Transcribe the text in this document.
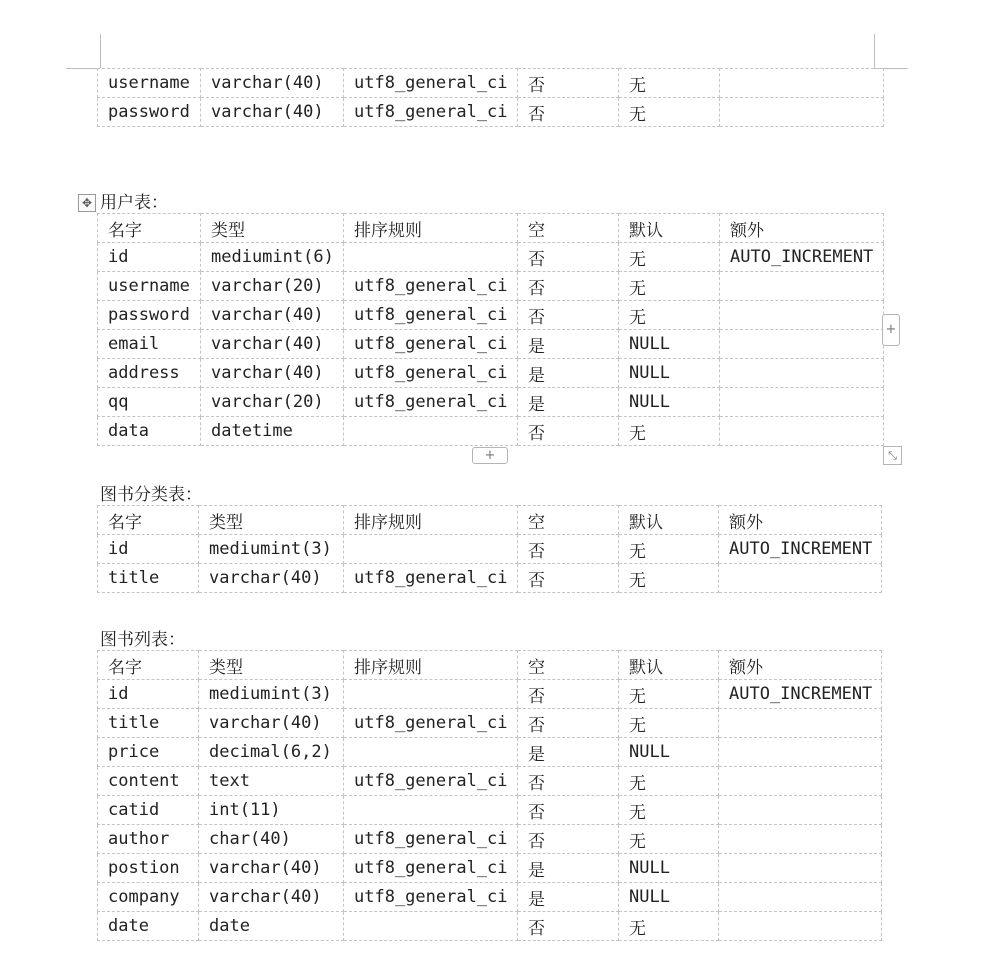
username	varchar(40)	utf8_general_ci	否	无	
password	varchar(40)	utf8_general_ci	否	无	
✥ 用户表：
名字	类型	排序规则	空	默认	额外
id	mediumint(6)		否	无	AUTO_INCREMENT
username	varchar(20)	utf8_general_ci	否	无	
password	varchar(40)	utf8_general_ci	否	无	
email	varchar(40)	utf8_general_ci	是	NULL	
address	varchar(40)	utf8_general_ci	是	NULL	
qq	varchar(20)	utf8_general_ci	是	NULL	
data	datetime		否	无	
+
+	⤡
图书分类表：
名字	类型	排序规则	空	默认	额外
id	mediumint(3)		否	无	AUTO_INCREMENT
title	varchar(40)	utf8_general_ci	否	无	
图书列表：
名字	类型	排序规则	空	默认	额外
id	mediumint(3)		否	无	AUTO_INCREMENT
title	varchar(40)	utf8_general_ci	否	无	
price	decimal(6,2)		是	NULL	
content	text	utf8_general_ci	否	无	
catid	int(11)		否	无	
author	char(40)	utf8_general_ci	否	无	
postion	varchar(40)	utf8_general_ci	是	NULL	
company	varchar(40)	utf8_general_ci	是	NULL	
date	date		否	无	
